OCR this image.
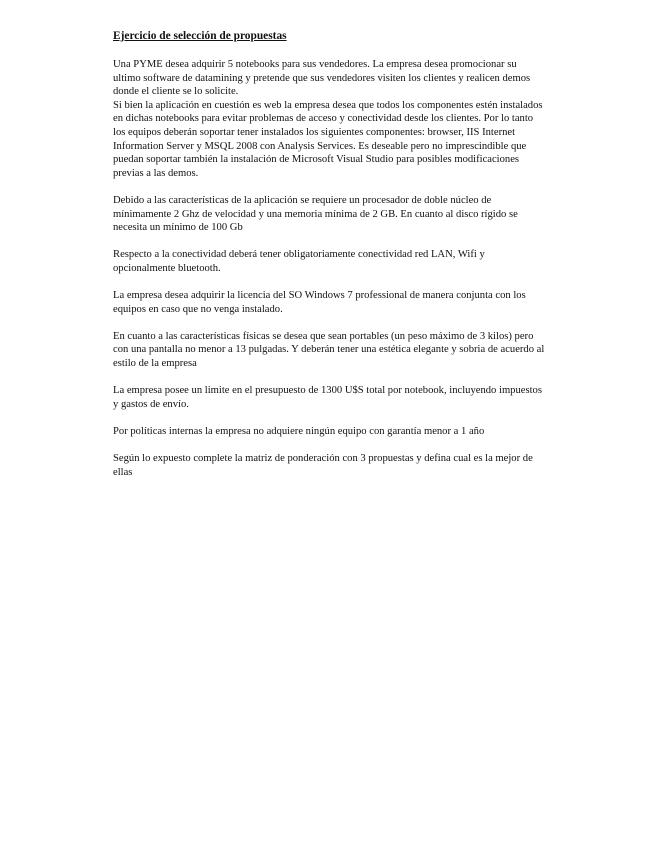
Ejercicio de selección de propuestas

Una PYME desea adquirir 5 notebooks para sus vendedores. La empresa desea promocionar su ultimo software de datamining y pretende que sus vendedores visiten los clientes y realicen demos donde el cliente se lo solicite.

Si bien la aplicación en cuestión es web la empresa desea que todos los componentes estén instalados en dichas notebooks para evitar problemas de acceso y conectividad desde los clientes. Por lo tanto los equipos deberán soportar tener instalados los siguientes componentes: browser, IIS Internet Information Server y MSQL 2008 con Analysis Services. Es deseable pero no imprescindible que puedan soportar también la instalación de Microsoft Visual Studio para posibles modificaciones previas a las demos.

Debido a las características de la aplicación se requiere un procesador de doble núcleo de mínimamente 2 Ghz de velocidad y una memoria mínima de 2 GB. En cuanto al disco rígido se necesita un mínimo de 100 Gb

Respecto a la conectividad deberá tener obligatoriamente conectividad red LAN, Wifi y opcionalmente bluetooth.

La empresa desea adquirir la licencia del SO Windows 7 professional de manera conjunta con los equipos en caso que no venga instalado.

En cuanto a las características físicas se desea que sean portables (un peso máximo de 3 kilos) pero con una pantalla no menor a 13 pulgadas. Y deberán tener una estética elegante y sobria de acuerdo al estilo de la empresa

La empresa posee un limite en el presupuesto de 1300 U$S total por notebook, incluyendo impuestos y gastos de envío.

Por políticas internas la empresa no adquiere ningún equipo con garantía menor a 1 año

Según lo expuesto complete la matriz de ponderación con 3 propuestas y defina cual es la mejor de ellas
